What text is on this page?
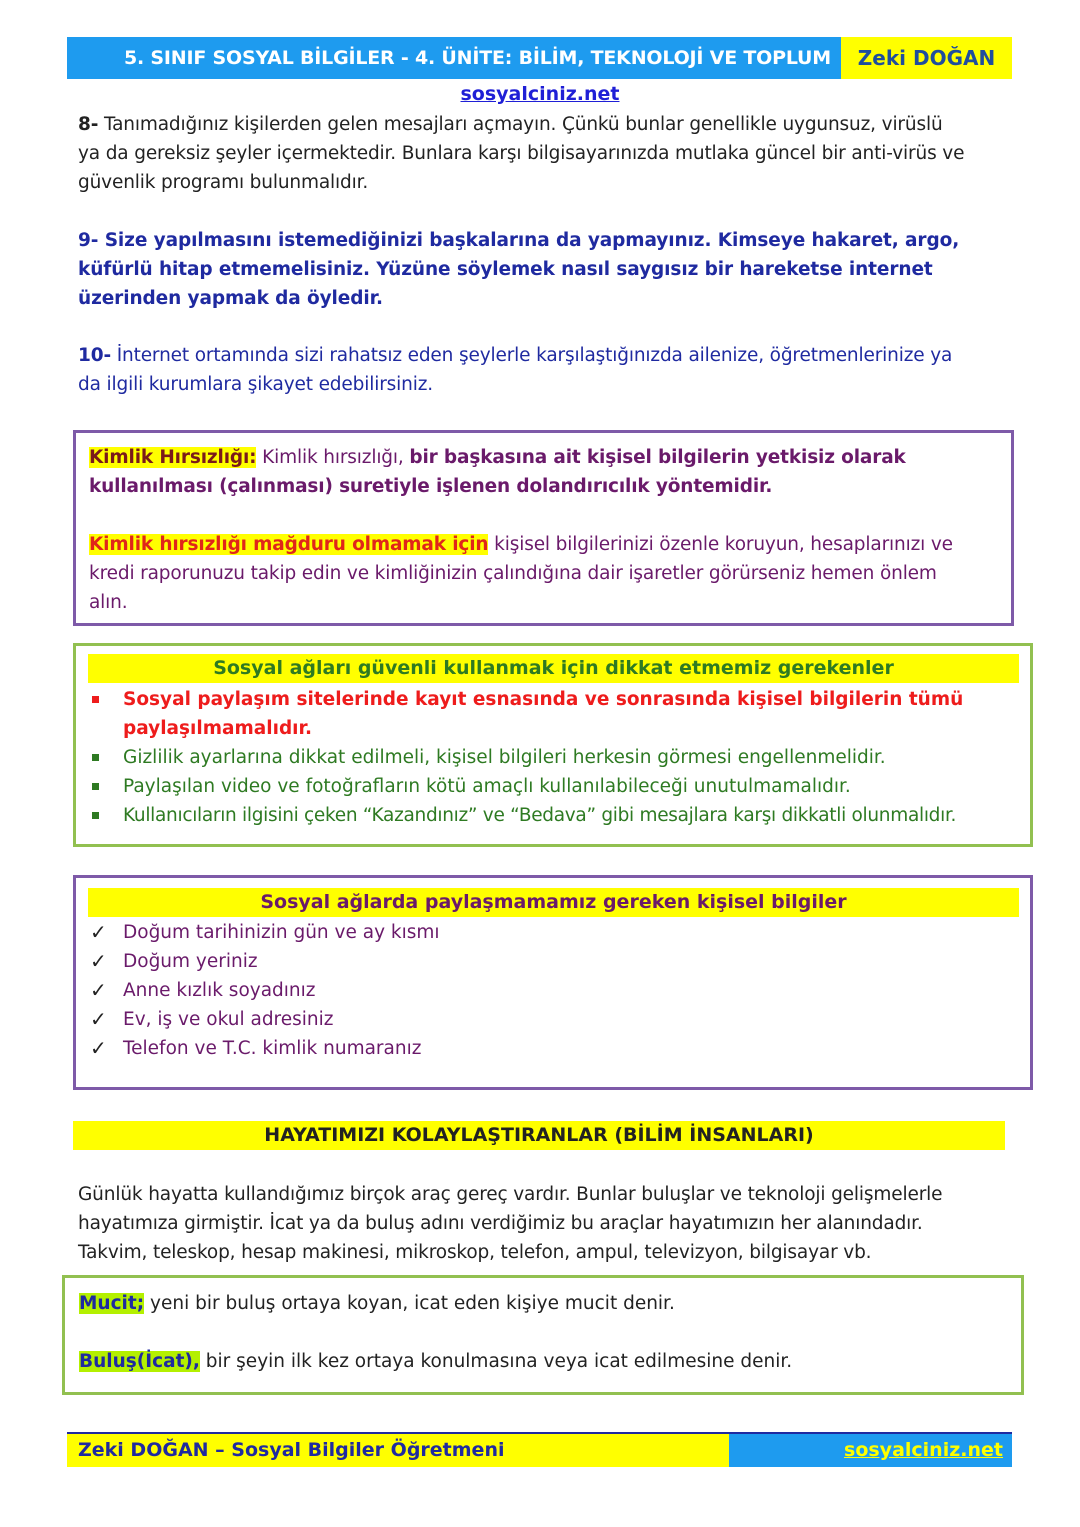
5. SINIF SOSYAL BİLGİLER - 4. ÜNİTE: BİLİM, TEKNOLOJİ VE TOPLUM	Zeki DOĞAN
sosyalciniz.net
8- Tanımadığınız kişilerden gelen mesajları açmayın. Çünkü bunlar genellikle uygunsuz, virüslü
ya da gereksiz şeyler içermektedir. Bunlara karşı bilgisayarınızda mutlaka güncel bir anti-virüs ve
güvenlik programı bulunmalıdır.
9- Size yapılmasını istemediğinizi başkalarına da yapmayınız. Kimseye hakaret, argo,
küfürlü hitap etmemelisiniz. Yüzüne söylemek nasıl saygısız bir hareketse internet
üzerinden yapmak da öyledir.
10- İnternet ortamında sizi rahatsız eden şeylerle karşılaştığınızda ailenize, öğretmenlerinize ya
da ilgili kurumlara şikayet edebilirsiniz.
Kimlik Hırsızlığı: Kimlik hırsızlığı, bir başkasına ait kişisel bilgilerin yetkisiz olarak
kullanılması (çalınması) suretiyle işlenen dolandırıcılık yöntemidir.
Kimlik hırsızlığı mağduru olmamak için kişisel bilgilerinizi özenle koruyun, hesaplarınızı ve
kredi raporunuzu takip edin ve kimliğinizin çalındığına dair işaretler görürseniz hemen önlem
alın.
Sosyal ağları güvenli kullanmak için dikkat etmemiz gerekenler
Sosyal paylaşım sitelerinde kayıt esnasında ve sonrasında kişisel bilgilerin tümü
paylaşılmamalıdır.
Gizlilik ayarlarına dikkat edilmeli, kişisel bilgileri herkesin görmesi engellenmelidir.
Paylaşılan video ve fotoğrafların kötü amaçlı kullanılabileceği unutulmamalıdır.
Kullanıcıların ilgisini çeken “Kazandınız” ve “Bedava” gibi mesajlara karşı dikkatli olunmalıdır.
Sosyal ağlarda paylaşmamamız gereken kişisel bilgiler
✓ Doğum tarihinizin gün ve ay kısmı
✓ Doğum yeriniz
✓ Anne kızlık soyadınız
✓ Ev, iş ve okul adresiniz
✓ Telefon ve T.C. kimlik numaranız
HAYATIMIZI KOLAYLAŞTIRANLAR (BİLİM İNSANLARI)
Günlük hayatta kullandığımız birçok araç gereç vardır. Bunlar buluşlar ve teknoloji gelişmelerle
hayatımıza girmiştir. İcat ya da buluş adını verdiğimiz bu araçlar hayatımızın her alanındadır.
Takvim, teleskop, hesap makinesi, mikroskop, telefon, ampul, televizyon, bilgisayar vb.
Mucit; yeni bir buluş ortaya koyan, icat eden kişiye mucit denir.
Buluş(İcat), bir şeyin ilk kez ortaya konulmasına veya icat edilmesine denir.
Zeki DOĞAN – Sosyal Bilgiler Öğretmeni	sosyalciniz.net
